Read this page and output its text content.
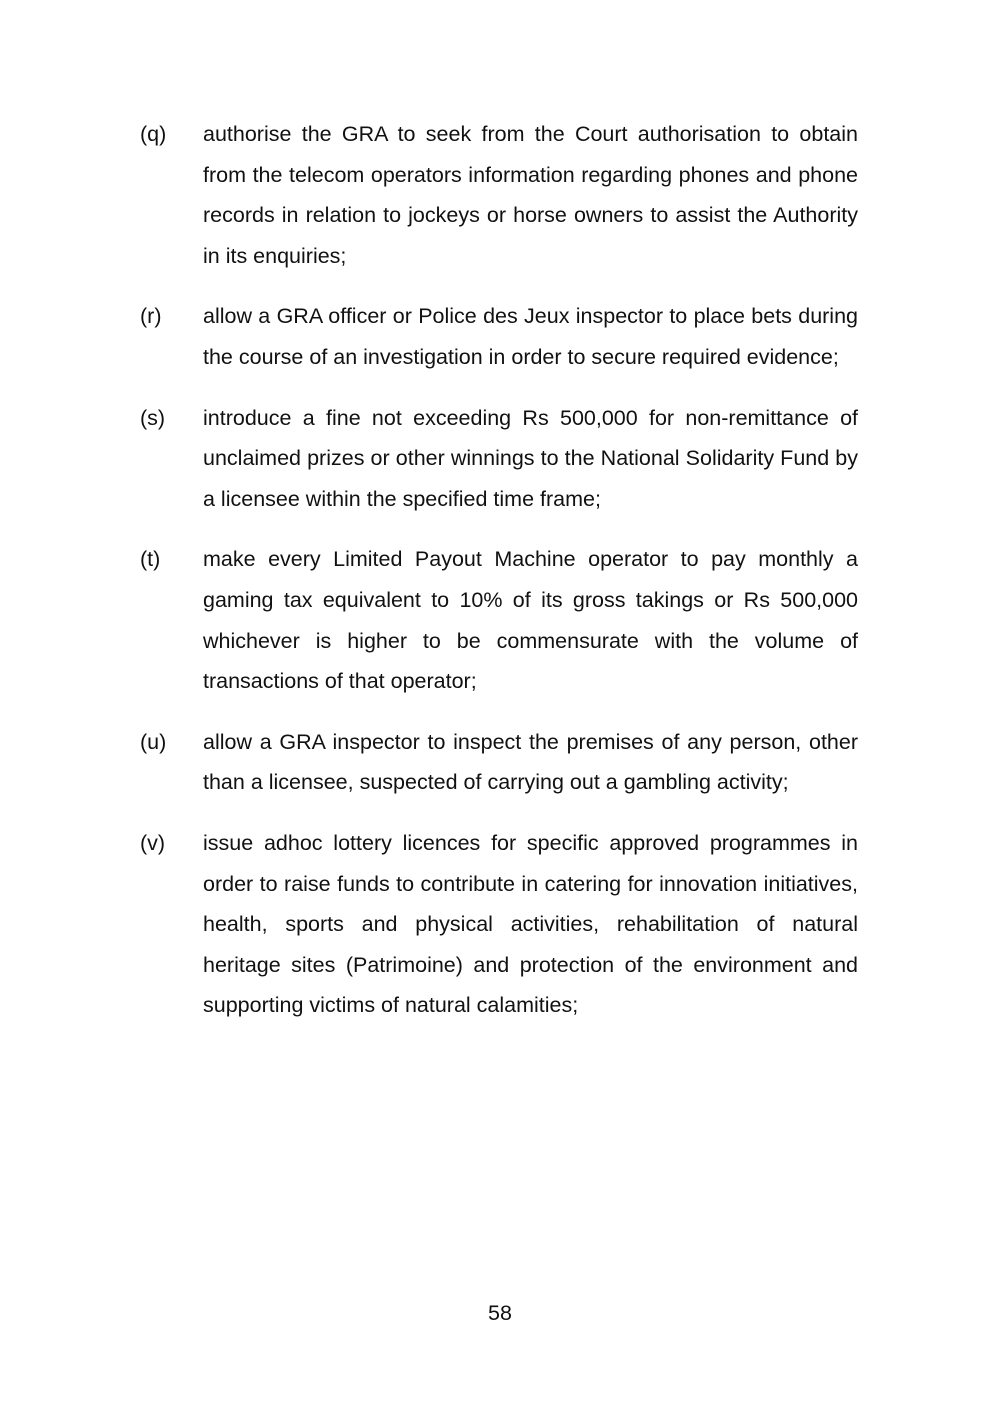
(q)	authorise the GRA to seek from the Court authorisation to obtain from the telecom operators information regarding phones and phone records in relation to jockeys or horse owners to assist the Authority in its enquiries;
(r)	allow a GRA officer or Police des Jeux inspector to place bets during the course of an investigation in order to secure required evidence;
(s)	introduce a fine not exceeding Rs 500,000 for non-remittance of unclaimed prizes or other winnings to the National Solidarity Fund by a licensee within the specified time frame;
(t)	make every Limited Payout Machine operator to pay monthly a gaming tax equivalent to 10% of its gross takings or Rs 500,000 whichever is higher to be commensurate with the volume of transactions of that operator;
(u)	allow a GRA inspector to inspect the premises of any person, other than a licensee, suspected of carrying out a gambling activity;
(v)	issue adhoc lottery licences for specific approved programmes in order to raise funds to contribute in catering for innovation initiatives, health, sports and physical activities, rehabilitation of natural heritage sites (Patrimoine) and protection of the environment and supporting victims of natural calamities;
58
